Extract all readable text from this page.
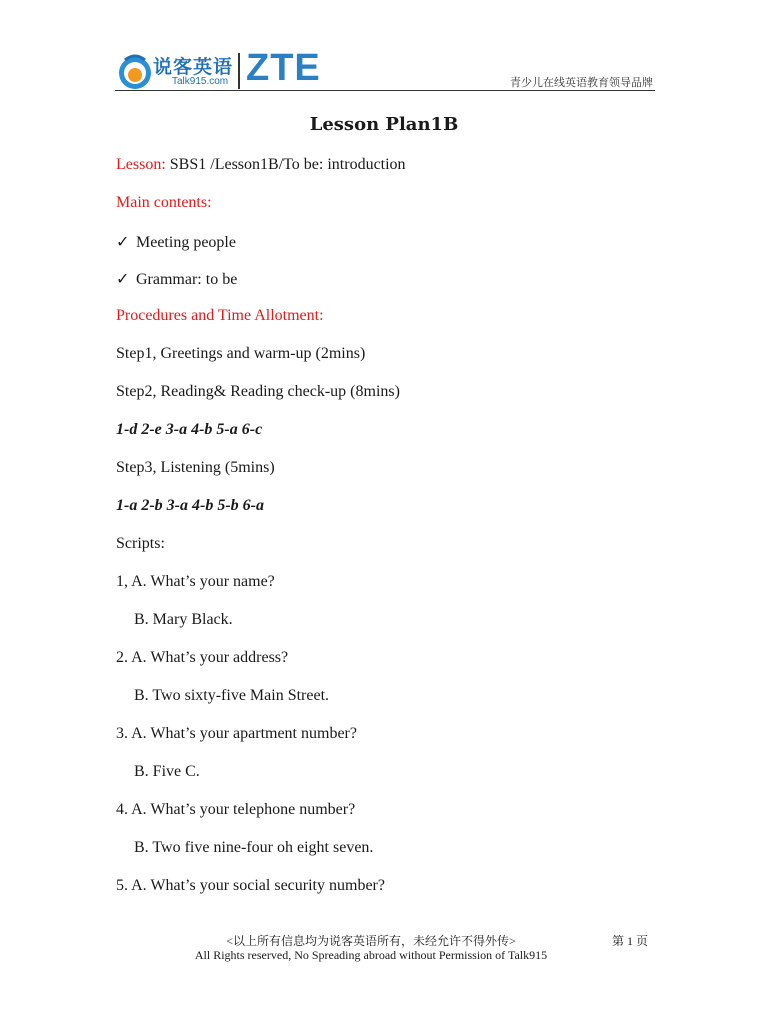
说客英语
Talk915.com ZTE	青少儿在线英语教育领导品牌
Lesson Plan1B
Lesson: SBS1 /Lesson1B/To be: introduction
Main contents:
✓ Meeting people
✓ Grammar: to be
Procedures and Time Allotment:
Step1, Greetings and warm-up (2mins)
Step2, Reading& Reading check-up (8mins)
1-d 2-e 3-a 4-b 5-a 6-c
Step3, Listening (5mins)
1-a 2-b 3-a 4-b 5-b 6-a
Scripts:
1, A. What’s your name?
B. Mary Black.
2. A. What’s your address?
B. Two sixty-five Main Street.
3. A. What’s your apartment number?
B. Five C.
4. A. What’s your telephone number?
B. Two five nine-four oh eight seven.
5. A. What’s your social security number?
<以上所有信息均为说客英语所有，未经允许不得外传>
All Rights reserved, No Spreading abroad without Permission of Talk915
第 1 页
